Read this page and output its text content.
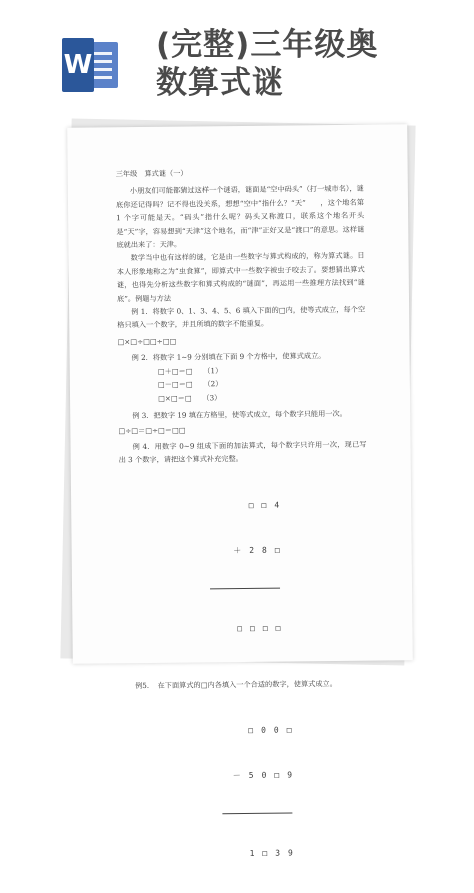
W
(完整)三年级奥
数算式谜

三年级　算式谜（一）

小朋友们可能都猜过这样一个谜语，谜面是“空中码头”（打一城市名），谜底你还记得吗？记不得也没关系，想想“空中”指什么？“天”　　，这个地名第 1 个字可能是天。“码头”指什么呢？码头又称渡口，联系这个地名开头是“天”字，容易想到“天津”这个地名，而“津”正好又是“渡口”的意思。这样谜底就出来了：天津。

数学当中也有这样的谜，它是由一些数字与算式构成的，称为算式谜。日本人形象地称之为“虫食算”，即算式中一些数字被虫子咬去了。要想猜出算式谜，也得先分析这些数字和算式构成的“谜面”，再运用一些推理方法找到“谜底”。例题与方法

例 1．将数字 0、1、3、4、5、6 填入下面的□内，使等式成立，每个空格只填入一个数字，并且所填的数字不能重复。

□×□÷□□÷□□

例 2．将数字 1~9 分别填在下面 9 个方格中，使算式成立。

□＋□＝□　　（1）
□－□＝□　　（2）
□×□＝□　　（3）

例 3．把数字 19 填在方格里，使等式成立，每个数字只能用一次。

□÷□＝□÷□＝□□

例 4．用数字 0~9 组成下面的加法算式，每个数字只许用一次，现已写出 3 个数字，请把这个算式补充完整。

□　□　4

＋　2　8　□

□　□　□　□

例5．　在下面算式的□内各填入一个合适的数字，使算式成立。

□　0　0　□

－　5　0　□　9

1　□　3　9
